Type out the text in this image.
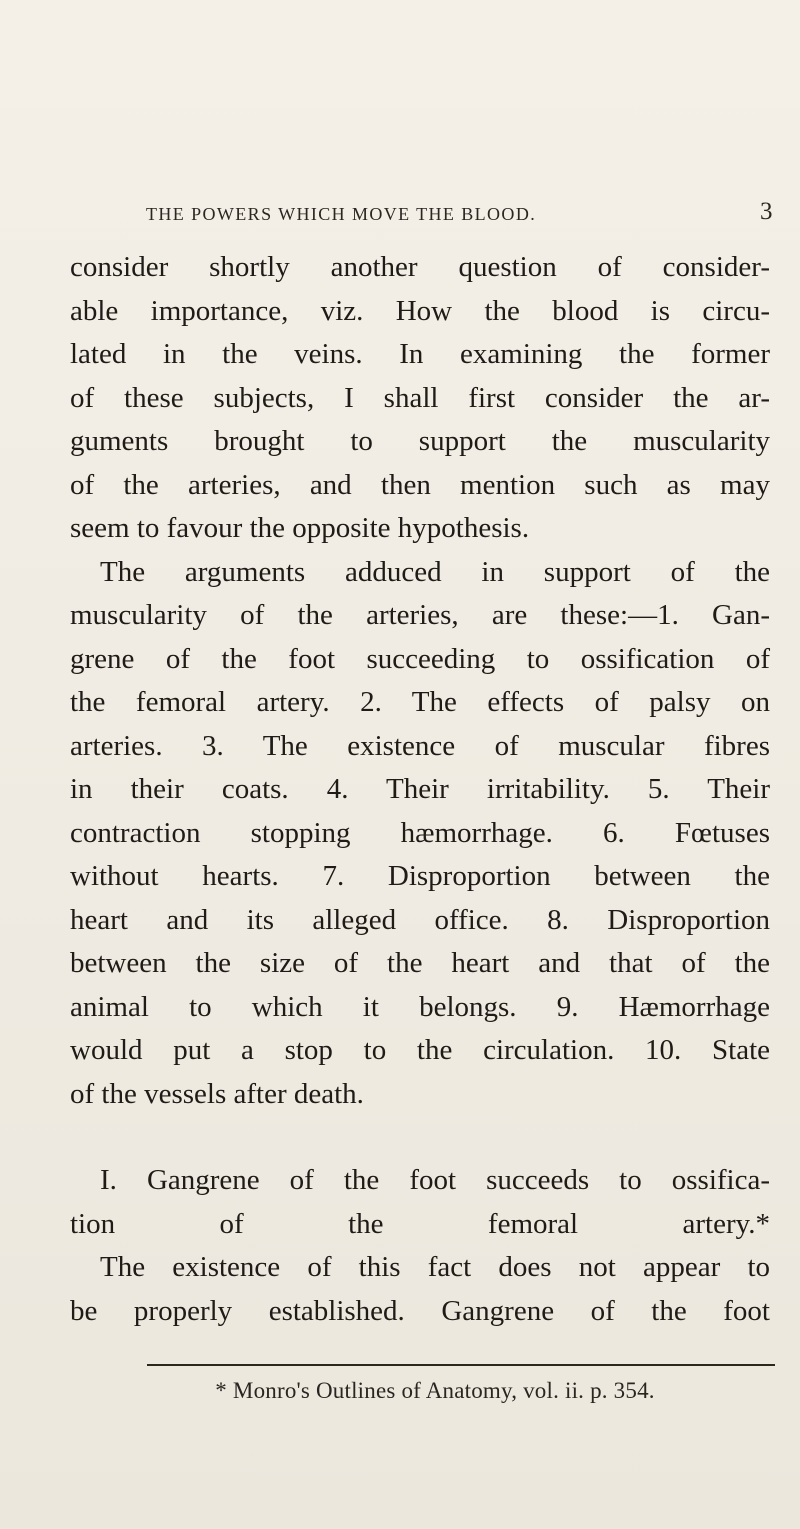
THE POWERS WHICH MOVE THE BLOOD.	3
consider shortly another question of consider-
able importance, viz. How the blood is circu-
lated in the veins. In examining the former
of these subjects, I shall first consider the ar-
guments brought to support the muscularity
of the arteries, and then mention such as may
seem to favour the opposite hypothesis.
The arguments adduced in support of the
muscularity of the arteries, are these:—1. Gan-
grene of the foot succeeding to ossification of
the femoral artery. 2. The effects of palsy on
arteries. 3. The existence of muscular fibres
in their coats. 4. Their irritability. 5. Their
contraction stopping hæmorrhage. 6. Fœtuses
without hearts. 7. Disproportion between the
heart and its alleged office. 8. Disproportion
between the size of the heart and that of the
animal to which it belongs. 9. Hæmorrhage
would put a stop to the circulation. 10. State
of the vessels after death.
I. Gangrene of the foot succeeds to ossifica-
tion of the femoral artery.*
The existence of this fact does not appear to
be properly established. Gangrene of the foot
* Monro's Outlines of Anatomy, vol. ii. p. 354.
